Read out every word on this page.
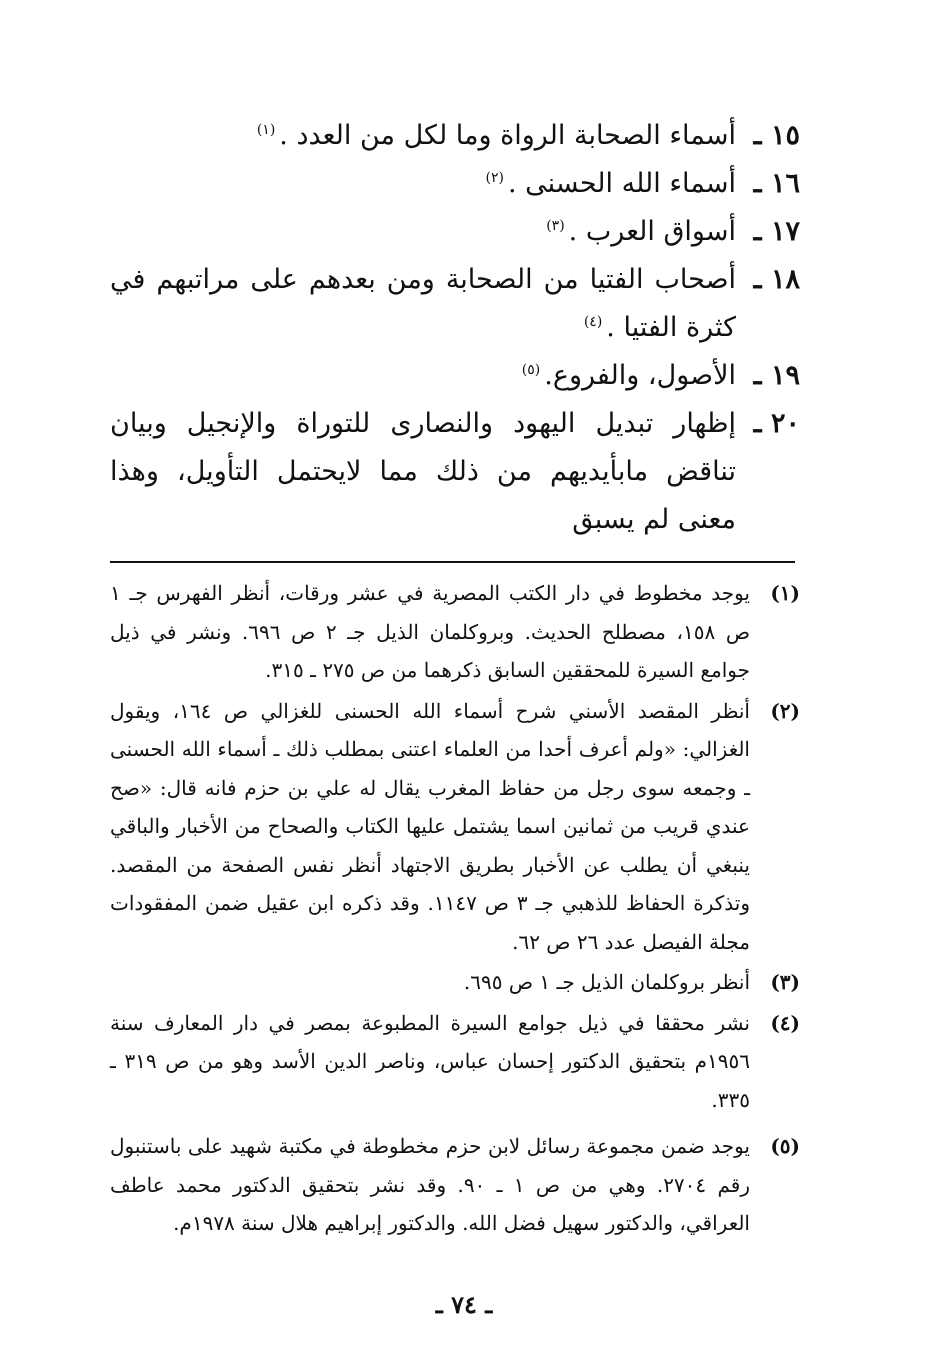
١٥ ـ
أسماء الصحابة الرواة وما لكل من العدد .$^{(١)}$
١٦ ـ
أسماء الله الحسنى .$^{(٢)}$
١٧ ـ
أسواق العرب .$^{(٣)}$
١٨ ـ
أصحاب الفتيا من الصحابة ومن بعدهم على مراتبهم في كثرة الفتيا .$^{(٤)}$
١٩ ـ
الأصول، والفروع.$^{(٥)}$
٢٠ ـ
إظهار تبديل اليهود والنصارى للتوراة والإنجيل وبيان تناقض مابأيديهم من ذلك مما لايحتمل التأويل، وهذا معنى لم يسبق
(١)
يوجد مخطوط في دار الكتب المصرية في عشر ورقات، أنظر الفهرس جـ ١ ص ١٥٨، مصطلح الحديث. وبروكلمان الذيل جـ ٢ ص ٦٩٦. ونشر في ذيل جوامع السيرة للمحققين السابق ذكرهما من ص ٢٧٥ ـ ٣١٥.
(٢)
أنظر المقصد الأسني شرح أسماء الله الحسنى للغزالي ص ١٦٤، ويقول الغزالي: «ولم أعرف أحدا من العلماء اعتنى بمطلب ذلك ـ أسماء الله الحسنى ـ وجمعه سوى رجل من حفاظ المغرب يقال له علي بن حزم فانه قال: «صح عندي قريب من ثمانين اسما يشتمل عليها الكتاب والصحاح من الأخبار والباقي ينبغي أن يطلب عن الأخبار بطريق الاجتهاد أنظر نفس الصفحة من المقصد. وتذكرة الحفاظ للذهبي جـ ٣ ص ١١٤٧. وقد ذكره ابن عقيل ضمن المفقودات مجلة الفيصل عدد ٢٦ ص ٦٢.
(٣)
أنظر بروكلمان الذيل جـ ١ ص ٦٩٥.
(٤)
نشر محققا في ذيل جوامع السيرة المطبوعة بمصر في دار المعارف سنة ١٩٥٦م بتحقيق الدكتور إحسان عباس، وناصر الدين الأسد وهو من ص ٣١٩ ـ ٣٣٥.
(٥)
يوجد ضمن مجموعة رسائل لابن حزم مخطوطة في مكتبة شهيد على باستنبول رقم ٢٧٠٤. وهي من ص ١ ـ ٩٠. وقد نشر بتحقيق الدكتور محمد عاطف العراقي، والدكتور سهيل فضل الله. والدكتور إبراهيم هلال سنة ١٩٧٨م.
ـ ٧٤ ـ
